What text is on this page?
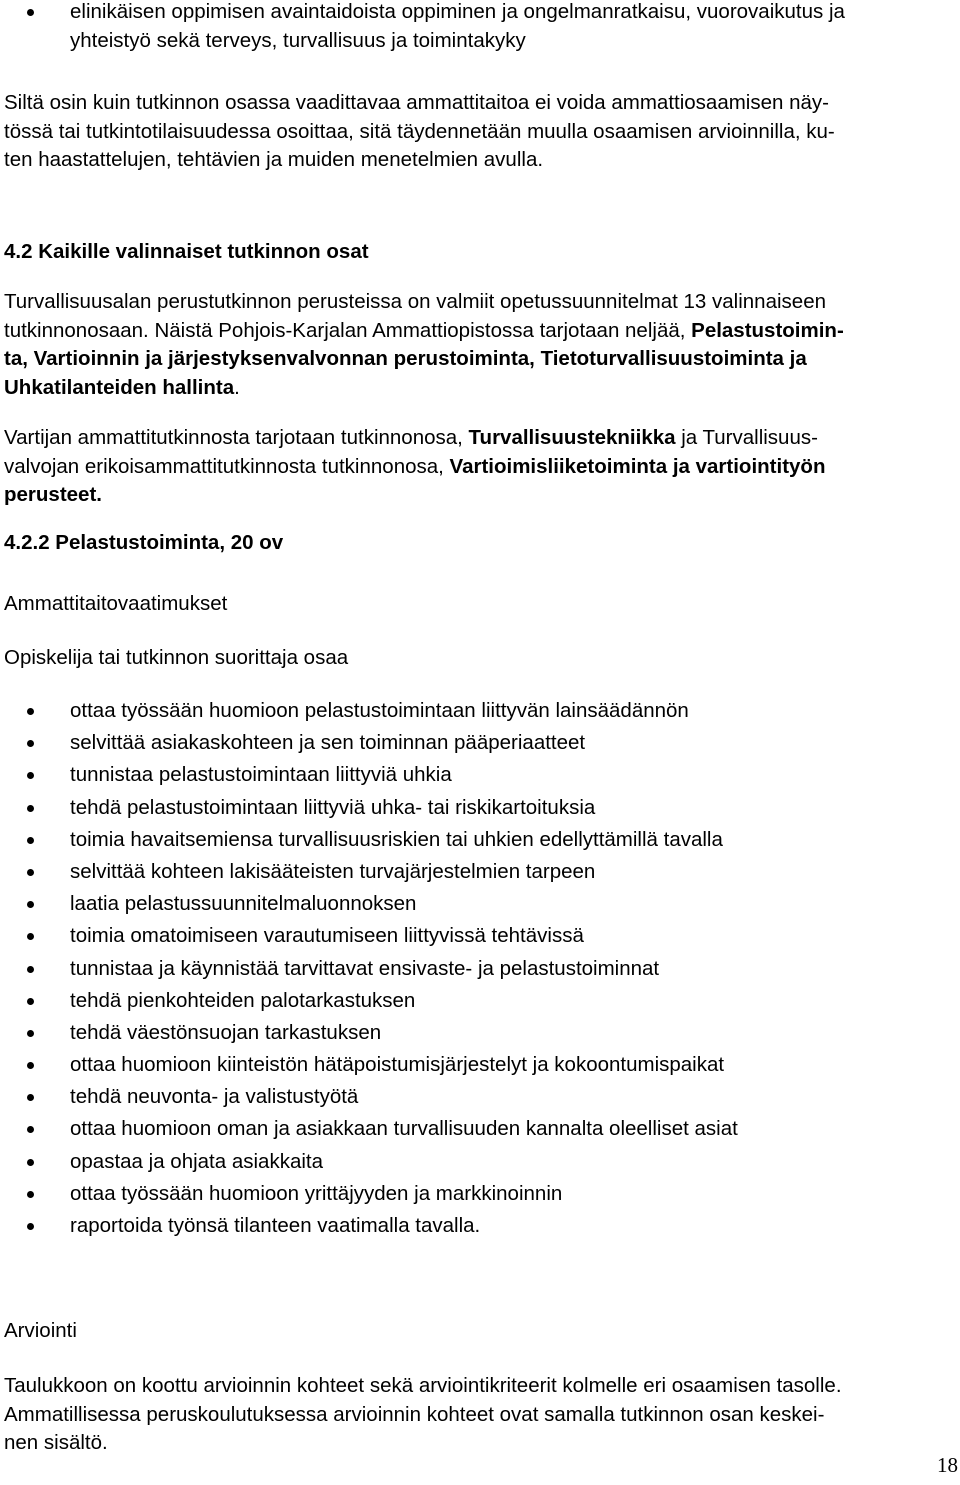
elinikäisen oppimisen avaintaidoista oppiminen ja ongelmanratkaisu, vuorovaikutus ja
yhteistyö sekä terveys, turvallisuus ja toimintakyky

Siltä osin kuin tutkinnon osassa vaadittavaa ammattitaitoa ei voida ammattiosaamisen näy-
tössä tai tutkintotilaisuudessa osoittaa, sitä täydennetään muulla osaamisen arvioinnilla, ku-
ten haastattelujen, tehtävien ja muiden menetelmien avulla.

4.2 Kaikille valinnaiset tutkinnon osat

Turvallisuusalan perustutkinnon perusteissa on valmiit opetussuunnitelmat 13 valinnaiseen
tutkinnonosaan. Näistä Pohjois-Karjalan Ammattiopistossa tarjotaan neljää, Pelastustoimin-
ta, Vartioinnin ja järjestyksenvalvonnan perustoiminta, Tietoturvallisuustoiminta ja
Uhkatilanteiden hallinta.

Vartijan ammattitutkinnosta tarjotaan tutkinnonosa, Turvallisuustekniikka ja Turvallisuus-
valvojan erikoisammattitutkinnosta tutkinnonosa, Vartioimisliiketoiminta ja vartiointityön
perusteet.

4.2.2 Pelastustoiminta, 20 ov

Ammattitaitovaatimukset

Opiskelija tai tutkinnon suorittaja osaa

ottaa työssään huomioon pelastustoimintaan liittyvän lainsäädännön
selvittää asiakaskohteen ja sen toiminnan pääperiaatteet
tunnistaa pelastustoimintaan liittyviä uhkia
tehdä pelastustoimintaan liittyviä uhka- tai riskikartoituksia
toimia havaitsemiensa turvallisuusriskien tai uhkien edellyttämillä tavalla
selvittää kohteen lakisääteisten turvajärjestelmien tarpeen
laatia pelastussuunnitelmaluonnoksen
toimia omatoimiseen varautumiseen liittyvissä tehtävissä
tunnistaa ja käynnistää tarvittavat ensivaste- ja pelastustoiminnat
tehdä pienkohteiden palotarkastuksen
tehdä väestönsuojan tarkastuksen
ottaa huomioon kiinteistön hätäpoistumisjärjestelyt ja kokoontumispaikat
tehdä neuvonta- ja valistustyötä
ottaa huomioon oman ja asiakkaan turvallisuuden kannalta oleelliset asiat
opastaa ja ohjata asiakkaita
ottaa työssään huomioon yrittäjyyden ja markkinoinnin
raportoida työnsä tilanteen vaatimalla tavalla.

Arviointi

Taulukkoon on koottu arvioinnin kohteet sekä arviointikriteerit kolmelle eri osaamisen tasolle.
Ammatillisessa peruskoulutuksessa arvioinnin kohteet ovat samalla tutkinnon osan keskei-
nen sisältö.

18
